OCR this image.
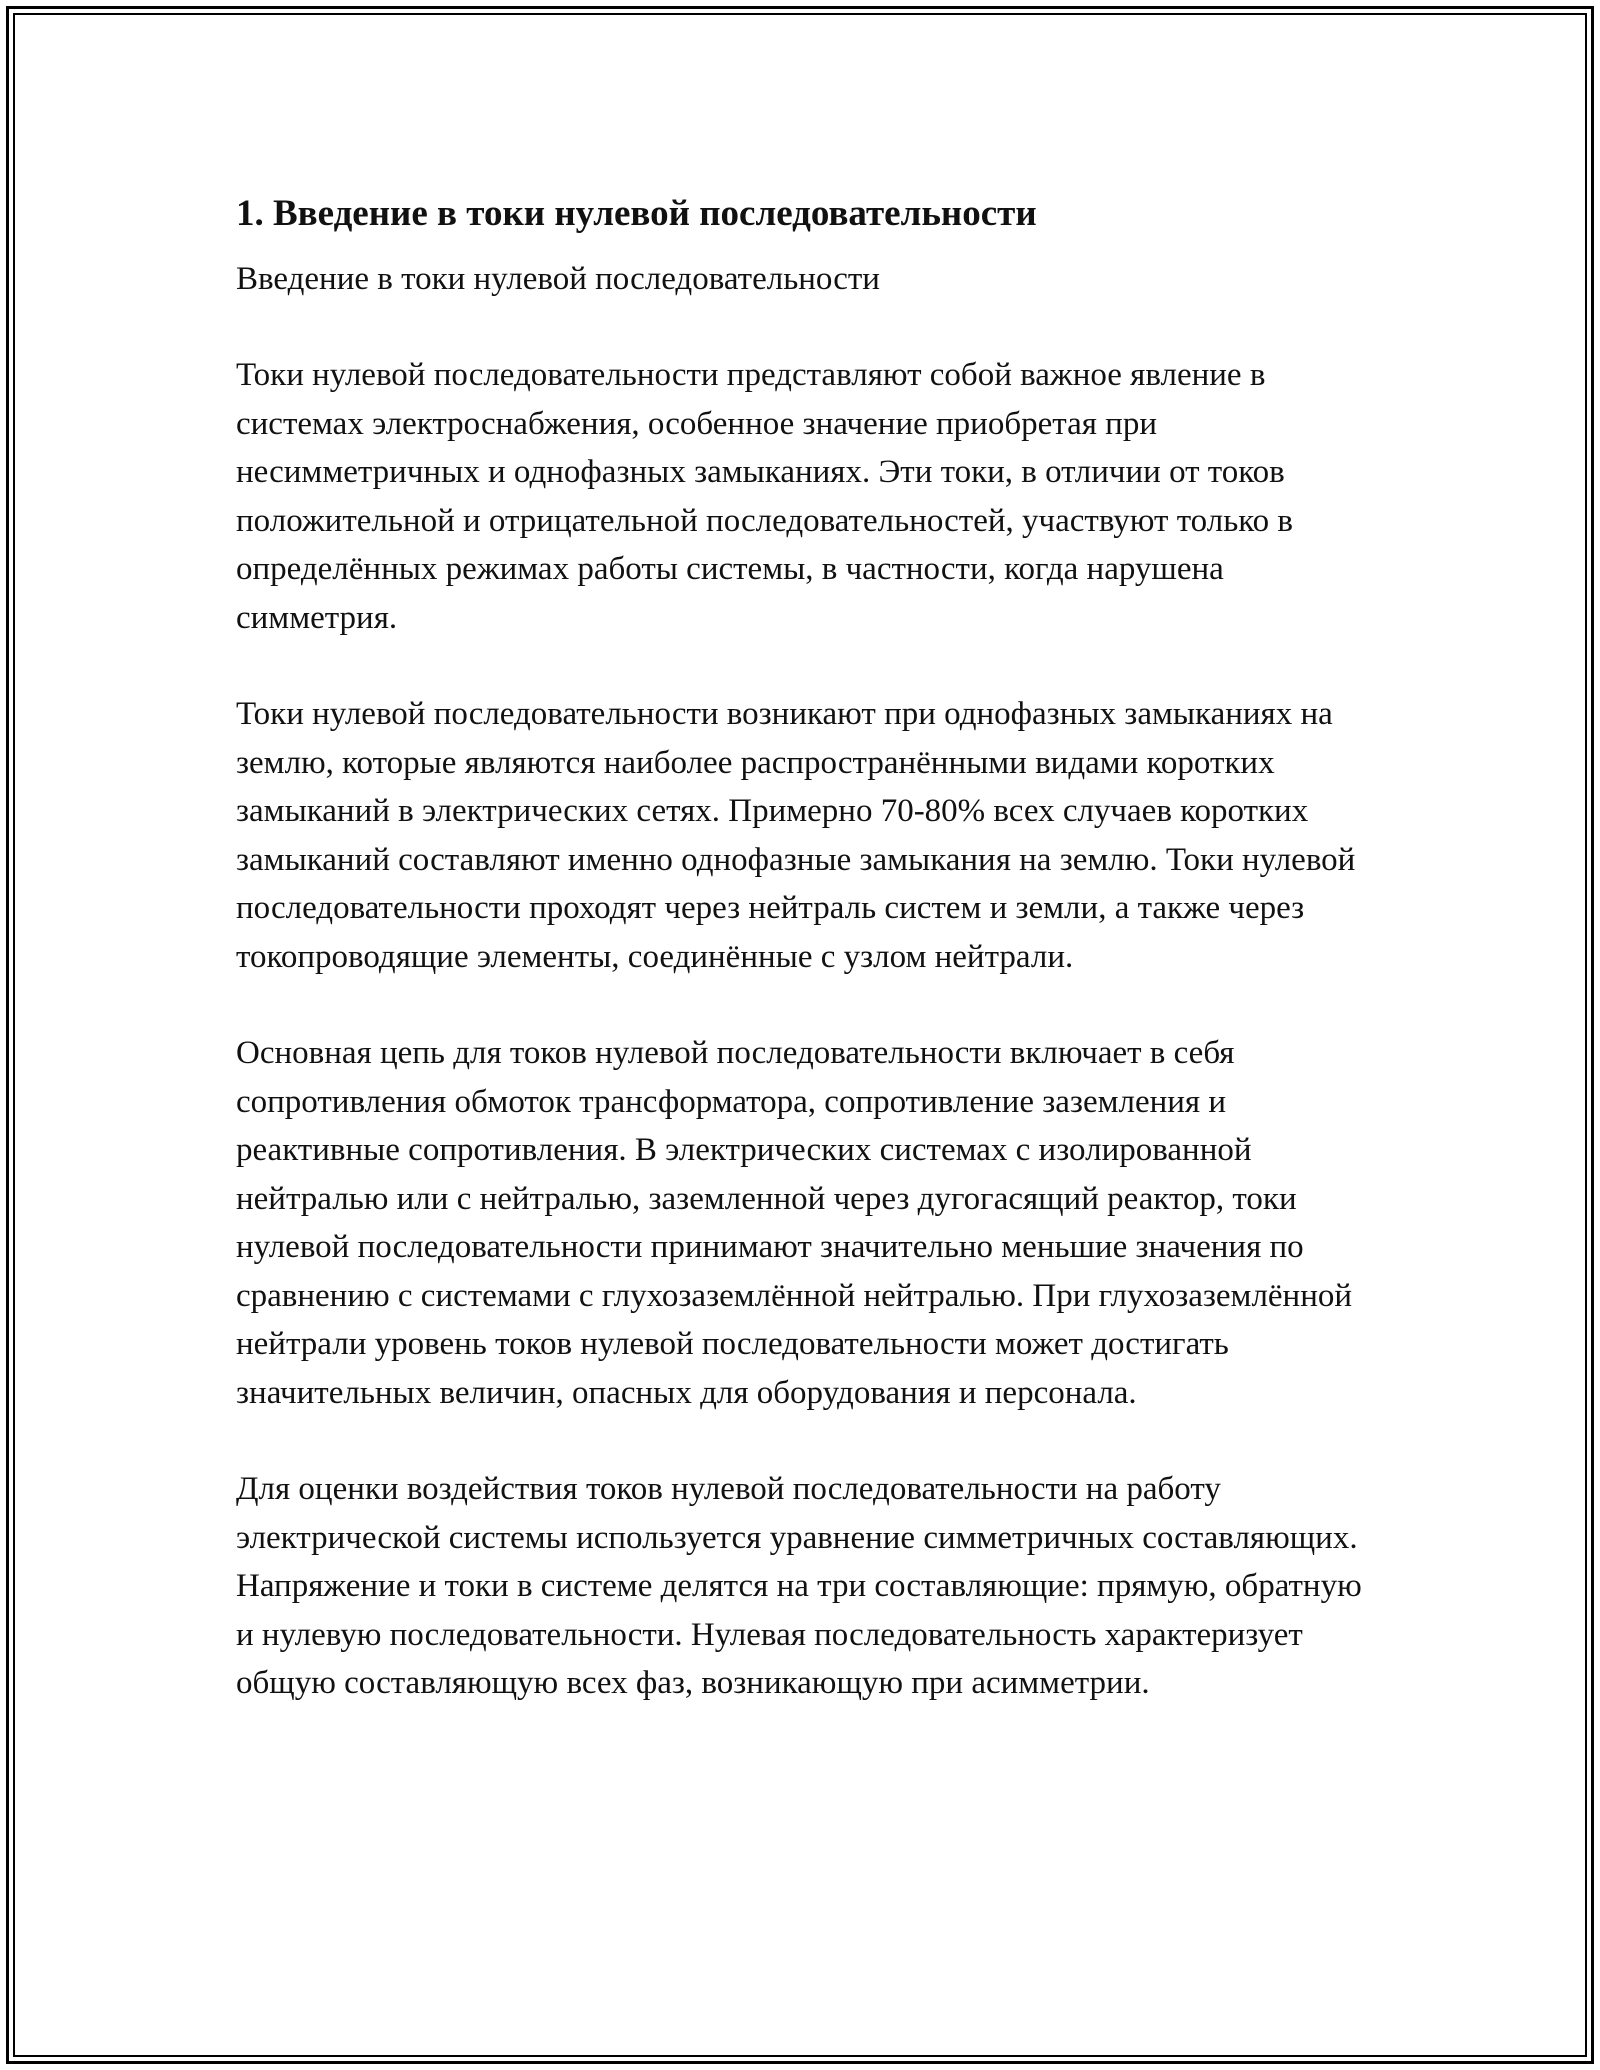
1. Введение в токи нулевой последовательности

Введение в токи нулевой последовательности

Токи нулевой последовательности представляют собой важное явление в системах электроснабжения, особенное значение приобретая при несимметричных и однофазных замыканиях. Эти токи, в отличии от токов положительной и отрицательной последовательностей, участвуют только в определённых режимах работы системы, в частности, когда нарушена симметрия.

Токи нулевой последовательности возникают при однофазных замыканиях на землю, которые являются наиболее распространёнными видами коротких замыканий в электрических сетях. Примерно 70-80% всех случаев коротких замыканий составляют именно однофазные замыкания на землю. Токи нулевой последовательности проходят через нейтраль систем и земли, а также через токопроводящие элементы, соединённые с узлом нейтрали.

Основная цепь для токов нулевой последовательности включает в себя сопротивления обмоток трансформатора, сопротивление заземления и реактивные сопротивления. В электрических системах с изолированной нейтралью или с нейтралью, заземленной через дугогасящий реактор, токи нулевой последовательности принимают значительно меньшие значения по сравнению с системами с глухозаземлённой нейтралью. При глухозаземлённой нейтрали уровень токов нулевой последовательности может достигать значительных величин, опасных для оборудования и персонала.

Для оценки воздействия токов нулевой последовательности на работу электрической системы используется уравнение симметричных составляющих. Напряжение и токи в системе делятся на три составляющие: прямую, обратную и нулевую последовательности. Нулевая последовательность характеризует общую составляющую всех фаз, возникающую при асимметрии.
